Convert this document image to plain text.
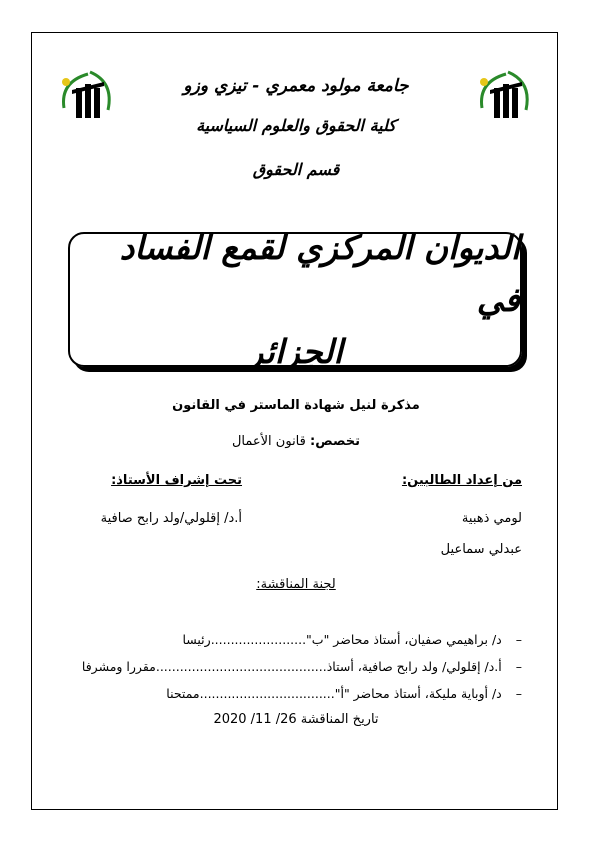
جامعة مولود معمري - تيزي وزو
كلية الحقوق والعلوم السياسية
قسم الحقوق
الديوان المركزي لقمع الفساد في
الجزائر
مذكرة لنيل شهادة الماستر في القانون
تخصص: قانون الأعمال
من إعداد الطالبين:
تحت إشراف الأستاذ:
لومي ذهبية
عبدلي سماعيل
أ.د/ إقلولي/ولد رابح صافية
لجنة المناقشة:
–د/ براهيمي صفيان، أستاذ محاضر "ب"........................رئيسا
–أ.د/ إقلولي/ ولد رابح صافية، أستاذ...........................................مقررا ومشرفا
–د/ أوباية مليكة، أستاذ محاضر "أ"..................................ممتحنا
تاريخ المناقشة 26/ 11/ 2020
